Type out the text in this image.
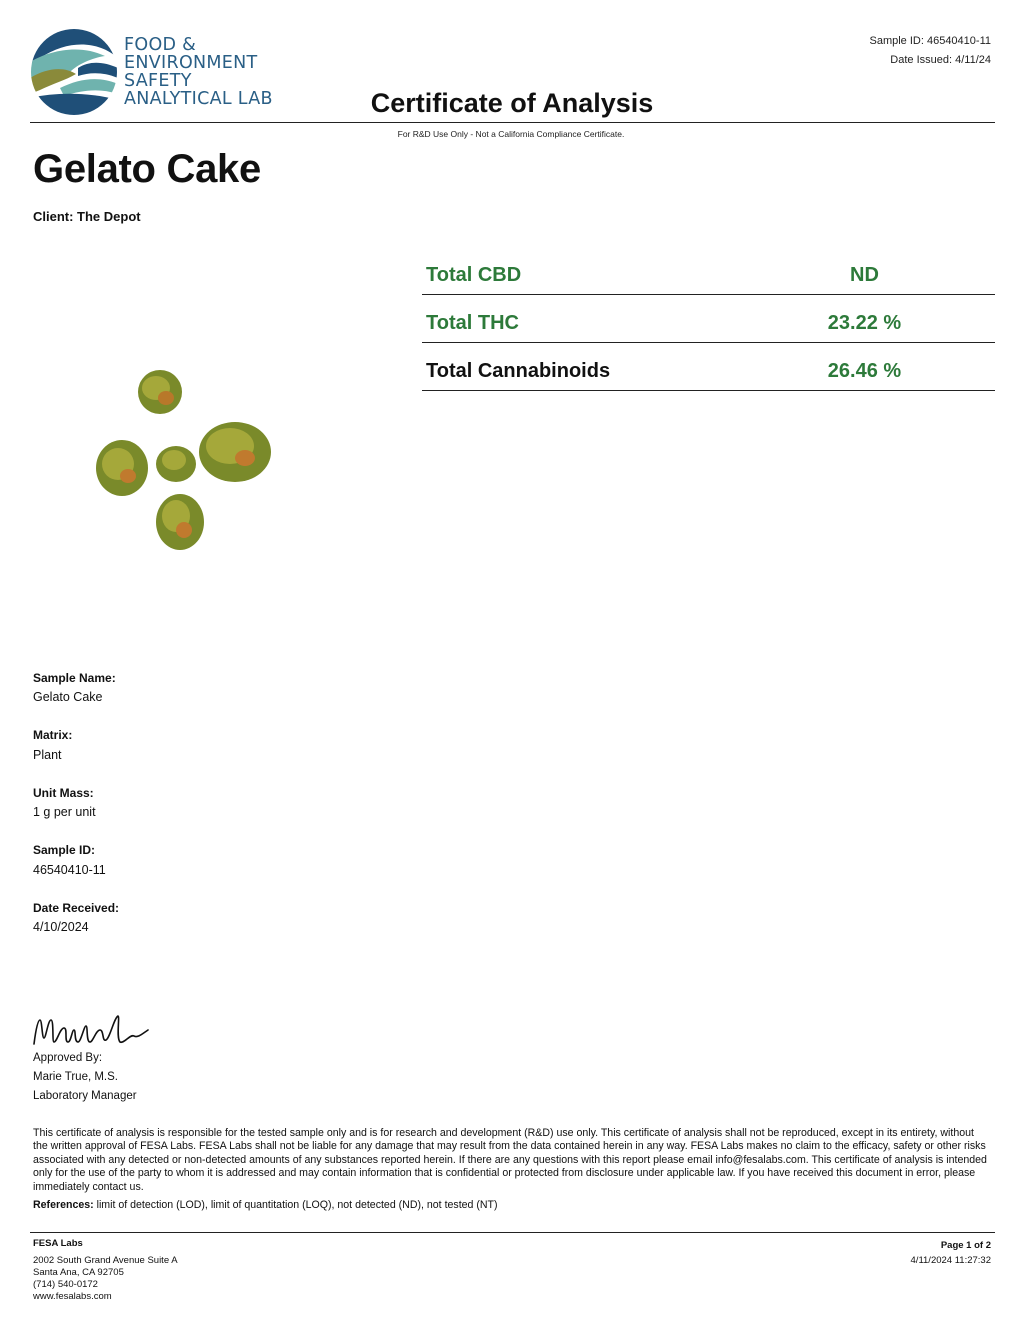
FOOD &
ENVIRONMENT
SAFETY
ANALYTICAL LAB	Certificate of Analysis
Sample ID: 46540410-11
Date Issued: 4/11/24
For R&D Use Only - Not a California Compliance Certificate.
Gelato Cake
Client: The Depot
Total CBD	ND
Total THC	23.22 %
Total Cannabinoids	26.46 %
Sample Name:
Gelato Cake
Matrix:
Plant
Unit Mass:
1 g per unit
Sample ID:
46540410-11
Date Received:
4/10/2024
Approved By:
Marie True, M.S.
Laboratory Manager
This certificate of analysis is responsible for the tested sample only and is for research and development (R&D) use only. This certificate of analysis shall not be reproduced, except in its entirety, without the written approval of FESA Labs. FESA Labs shall not be liable for any damage that may result from the data contained herein in any way. FESA Labs makes no claim to the efficacy, safety or other risks associated with any detected or non-detected amounts of any substances reported herein. If there are any questions with this report please email info@fesalabs.com. This certificate of analysis is intended only for the use of the party to whom it is addressed and may contain information that is confidential or protected from disclosure under applicable law. If you have received this document in error, please immediately contact us.
References: limit of detection (LOD), limit of quantitation (LOQ), not detected (ND), not tested (NT)
FESA Labs
2002 South Grand Avenue Suite A
Santa Ana, CA 92705
(714) 540-0172
www.fesalabs.com
Page 1 of 2
4/11/2024 11:27:32
